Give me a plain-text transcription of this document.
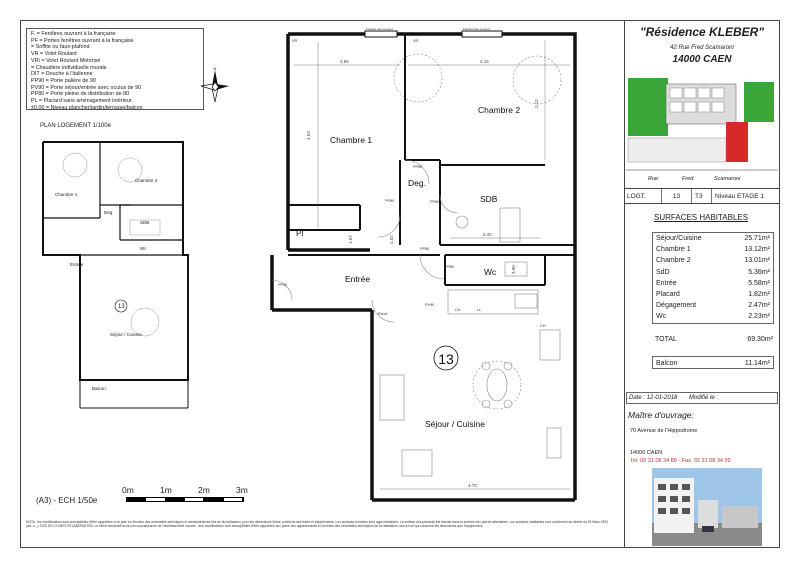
F. = Fenêtres ouvrant à la française
PF = Portes fenêtres ouvrant à la française
= Soffite ou faux-plafond
VR = Volet Roulant
VR\ = Volet Roulant Motorisé
= Chaudière individuelle murale
DIT = Douche à l'italienne
PP90 = Porte palière de 90
PV90 = Porte séjour/entrée avec oculus de 90
PP80 = Porte pleine de distribution de 80
PL = Placard sans aménagement intérieur
±0.00 = Niveau plancher/jardin/terrasse/balcon
N
PLAN LOGEMENT 1/100e
Chambre 1
Chambre 2
Deg.
SDB
Entrée
Wc
Séjour / Cuisine
Balcon
13
Fenêtre fixe ouvrant	Fenêtre fixe ouvrant
3.85	4.15
4.63
3.12
2.42
1.67	1.52
4.70
3.00
PP80
PP80	PP80
PP80
PP90
PV90
PP80
VR	VR
CU	LL
CH
Chambre 1
Chambre 2
Deg.
SDB
Pl
Entrée
Wc
Séjour / Cuisine
Elect.
13
(A3) - ECH 1/50e
0m	1m	2m	3m
NOTA : les modifications sont susceptibles d'être apportées à ce plan en fonction des nécessités techniques et administratives lors de la réalisation, pour les dimensions libres, positions des baies et équipements. Les surfaces données sont approximatives. La surface des placards est incluse dans la surface des pièces attenantes. Les surfaces habitables sont conformes au décret du 23 Mars 1993 (art. 4...). DCE EN COURS D'ELABORATION. Le client reconnaît avoir pris connaissance de l'avertissement suivant : des modifications sont susceptibles d'être apportées aux plans des appartements en fonction des nécessités techniques de la réalisation, tant en ce qui concerne les dimensions que l'équipement.
"Résidence KLEBER"
42 Rue Fred Scamaroni
14000 CAEN
Rue	Fred	Scamaroni
LOGT.	13	T3	Niveau ETAGE 1
SURFACES HABITABLES
Séjour/Cuisine	25.71m²
Chambre 1	13.12m²
Chambre 2	13.01m²
SdD	5.36m²
Entrée	5.58m²
Placard	1.82m²
Dégagement	2.47m²
Wc	2.23m²
TOTAL	69.30m²
Balcon	11.14m²
Date : 12-01-2018	Modifié le :
Maître d'ouvrage:
70 Avenue de l'Hippodrome
14000 CAEN
Tel. 02 31 08 34 88 - Fax. 02 31 08 34 99
